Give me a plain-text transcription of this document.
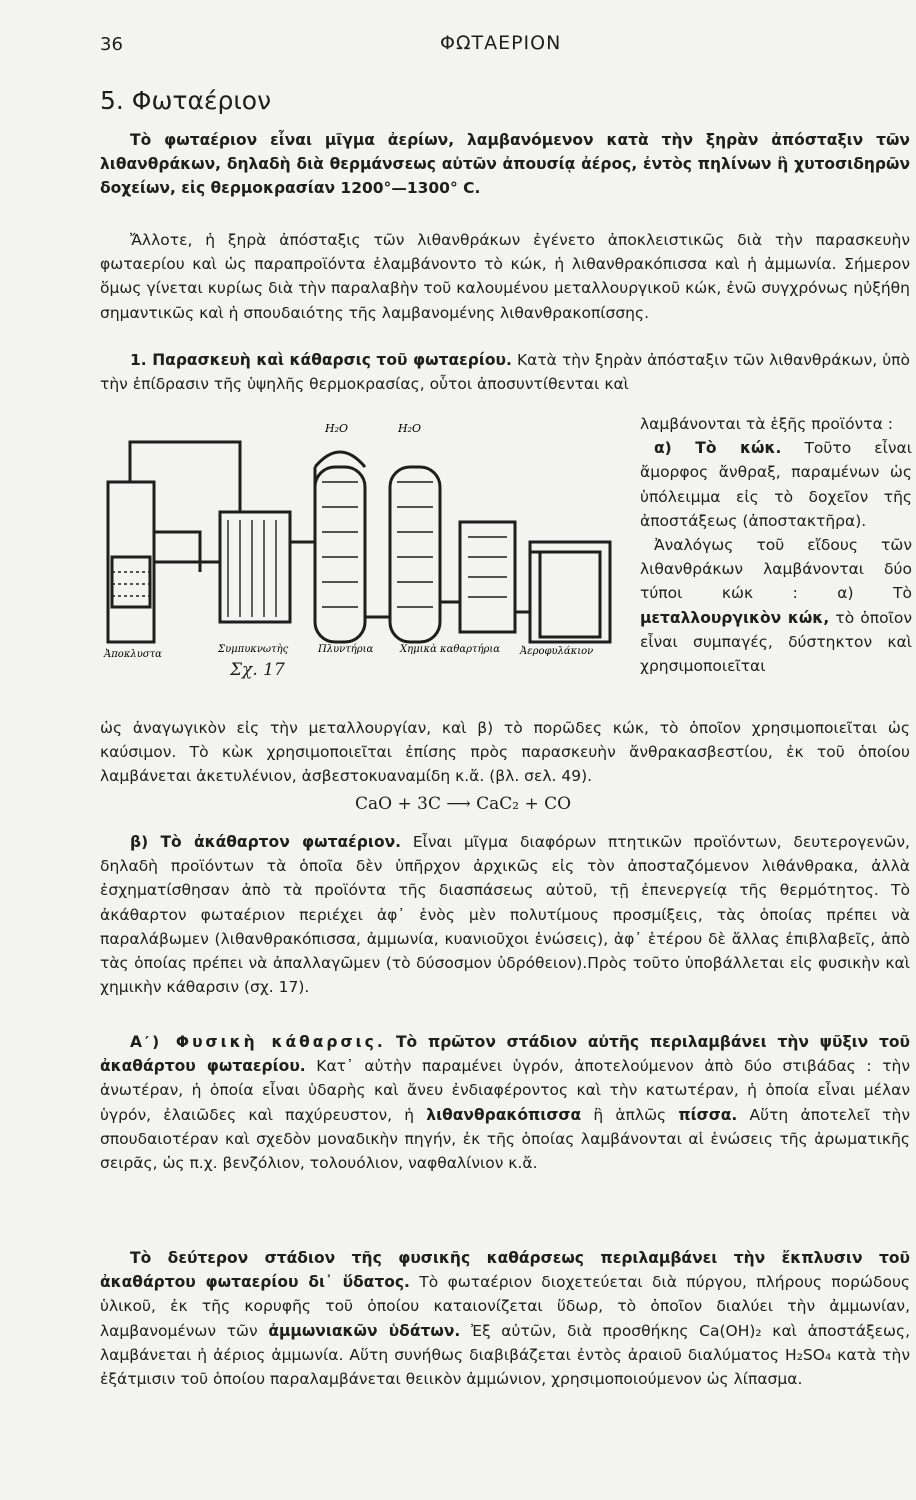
36	ΦΩΤΑΕΡΙΟΝ
5. Φωταέριον
Τὸ φωταέριον εἶναι μῖγμα ἀερίων, λαμβανόμενον κατὰ τὴν ξηρὰν ἀπόσταξιν τῶν λιθανθράκων, δηλαδὴ διὰ θερμάνσεως αὐτῶν ἀπουσίᾳ ἀέρος, ἐντὸς πηλίνων ἢ χυτοσιδηρῶν δοχείων, εἰς θερμοκρασίαν 1200°—1300° C.
Ἄλλοτε, ἡ ξηρὰ ἀπόσταξις τῶν λιθανθράκων ἐγένετο ἀποκλειστικῶς διὰ τὴν παρασκευὴν φωταερίου καὶ ὡς παραπροϊόντα ἐλαμβάνοντο τὸ κώκ, ἡ λιθανθρακόπισσα καὶ ἡ ἀμμωνία. Σήμερον ὅμως γίνεται κυρίως διὰ τὴν παραλαβὴν τοῦ καλουμένου μεταλλουργικοῦ κώκ, ἐνῶ συγχρόνως ηὐξήθη σημαντικῶς καὶ ἡ σπουδαιότης τῆς λαμβανομένης λιθανθρακοπίσσης.
1. Παρασκευὴ καὶ κάθαρσις τοῦ φωταερίου. Κατὰ τὴν ξηρὰν ἀπόσταξιν τῶν λιθανθράκων, ὑπὸ τὴν ἐπίδρασιν τῆς ὑψηλῆς θερμοκρασίας, οὗτοι ἀποσυντίθενται καὶ
H₂O	H₂O
Ἀποκλυστα	Συμπυκνωτὴς	Πλυντήρια	Χημικὰ καθαρτήρια Ἀεροφυλάκιον
Σχ. 17
λαμβάνονται τὰ ἑξῆς προϊόντα :
α) Τὸ κώκ. Τοῦτο εἶναι ἄμορφος ἄνθραξ, παραμένων ὡς ὑπόλειμμα εἰς τὸ δοχεῖον τῆς ἀποστάξεως (ἀποστακτῆρα).
Ἀναλόγως τοῦ εἴδους τῶν λιθανθράκων λαμβάνονται δύο τύποι κώκ : α) Τὸ μεταλλουργικὸν κώκ, τὸ ὁποῖον εἶναι συμπαγές, δύστηκτον καὶ χρησιμοποιεῖται
ὡς ἀναγωγικὸν εἰς τὴν μεταλλουργίαν, καὶ β) τὸ πορῶδες κώκ, τὸ ὁποῖον χρησιμοποιεῖται ὡς καύσιμον. Τὸ κὼκ χρησιμοποιεῖται ἐπίσης πρὸς παρασκευὴν ἄνθρακασβεστίου, ἐκ τοῦ ὁποίου λαμβάνεται ἀκετυλένιον, ἀσβεστοκυαναμίδη κ.ἄ. (βλ. σελ. 49).
CaO + 3C ⟶ CaC₂ + CO
β) Τὸ ἀκάθαρτον φωταέριον. Εἶναι μῖγμα διαφόρων πτητικῶν προϊόντων, δευτερογενῶν, δηλαδὴ προϊόντων τὰ ὁποῖα δὲν ὑπῆρχον ἀρχικῶς εἰς τὸν ἀποσταζόμενον λιθάνθρακα, ἀλλὰ ἐσχηματίσθησαν ἀπὸ τὰ προϊόντα τῆς διασπάσεως αὐτοῦ, τῇ ἐπενεργείᾳ τῆς θερμότητος. Τὸ ἀκάθαρτον φωταέριον περιέχει ἀφ᾽ ἑνὸς μὲν πολυτίμους προσμίξεις, τὰς ὁποίας πρέπει νὰ παραλάβωμεν (λιθανθρακόπισσα, ἀμμωνία, κυανιοῦχοι ἑνώσεις), ἀφ᾽ ἑτέρου δὲ ἄλλας ἐπιβλαβεῖς, ἀπὸ τὰς ὁποίας πρέπει νὰ ἀπαλλαγῶμεν (τὸ δύσοσμον ὑδρόθειον).Πρὸς τοῦτο ὑποβάλλεται εἰς φυσικὴν καὶ χημικὴν κάθαρσιν (σχ. 17).
Α′) Φυσικὴ κάθαρσις. Τὸ πρῶτον στάδιον αὐτῆς περιλαμβάνει τὴν ψῦξιν τοῦ ἀκαθάρτου φωταερίου. Κατ᾽ αὐτὴν παραμένει ὑγρόν, ἀποτελούμενον ἀπὸ δύο στιβάδας : τὴν ἀνωτέραν, ἡ ὁποία εἶναι ὑδαρὴς καὶ ἄνευ ἐνδιαφέροντος καὶ τὴν κατωτέραν, ἡ ὁποία εἶναι μέλαν ὑγρόν, ἐλαιῶδες καὶ παχύρευστον, ἡ λιθανθρακόπισσα ἢ ἁπλῶς πίσσα. Αὕτη ἀποτελεῖ τὴν σπουδαιοτέραν καὶ σχεδὸν μοναδικὴν πηγήν, ἐκ τῆς ὁποίας λαμβάνονται αἱ ἑνώσεις τῆς ἀρωματικῆς σειρᾶς, ὡς π.χ. βενζόλιον, τολουόλιον, ναφθαλίνιον κ.ἄ.
Τὸ δεύτερον στάδιον τῆς φυσικῆς καθάρσεως περιλαμβάνει τὴν ἔκπλυσιν τοῦ ἀκαθάρτου φωταερίου δι᾽ ὕδατος. Τὸ φωταέριον διοχετεύεται διὰ πύργου, πλήρους πορώδους ὑλικοῦ, ἐκ τῆς κορυφῆς τοῦ ὁποίου καταιονίζεται ὕδωρ, τὸ ὁποῖον διαλύει τὴν ἀμμωνίαν, λαμβανομένων τῶν ἀμμωνιακῶν ὑδάτων. Ἐξ αὐτῶν, διὰ προσθήκης Ca(OH)₂ καὶ ἀποστάξεως, λαμβάνεται ἡ ἀέριος ἀμμωνία. Αὕτη συνήθως διαβιβάζεται ἐντὸς ἀραιοῦ διαλύματος H₂SO₄ κατὰ τὴν ἐξάτμισιν τοῦ ὁποίου παραλαμβάνεται θειικὸν ἀμμώνιον, χρησιμοποιούμενον ὡς λίπασμα.
